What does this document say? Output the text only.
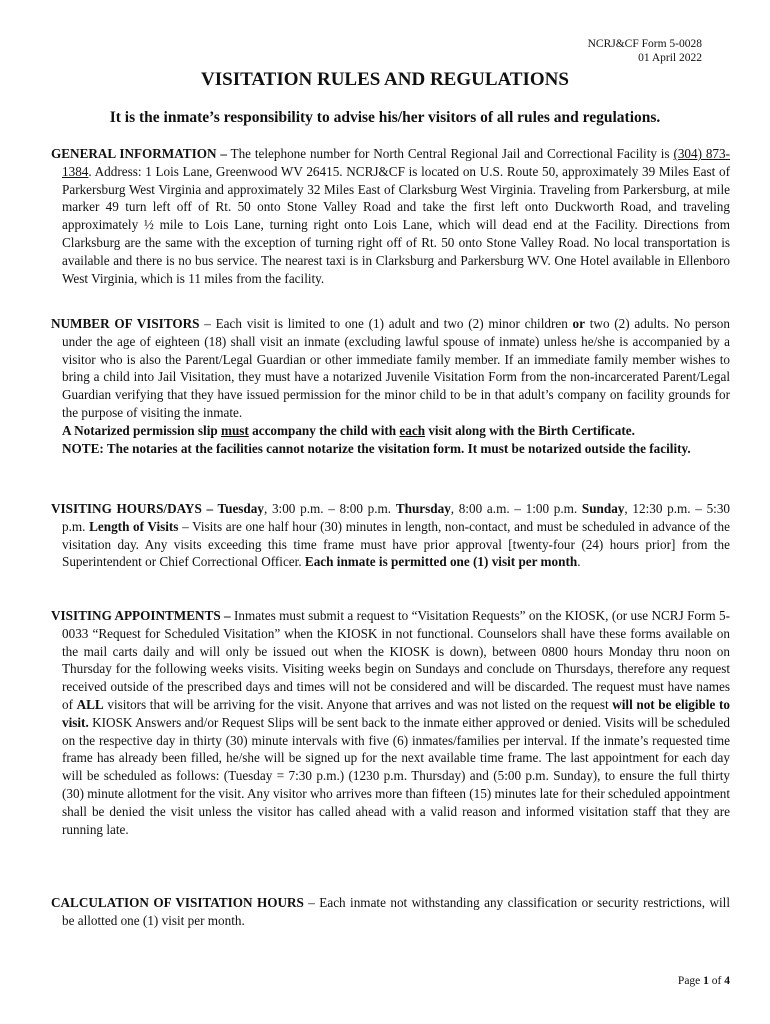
NCRJ&CF Form 5-0028
01 April 2022
VISITATION RULES AND REGULATIONS
It is the inmate’s responsibility to advise his/her visitors of all rules and regulations.

GENERAL INFORMATION – The telephone number for North Central Regional Jail and Correctional Facility is (304) 873-1384. Address: 1 Lois Lane, Greenwood WV 26415. NCRJ&CF is located on U.S. Route 50, approximately 39 Miles East of Parkersburg West Virginia and approximately 32 Miles East of Clarksburg West Virginia. Traveling from Parkersburg, at mile marker 49 turn left off of Rt. 50 onto Stone Valley Road and take the first left onto Duckworth Road, and traveling approximately ½ mile to Lois Lane, turning right onto Lois Lane, which will dead end at the Facility. Directions from Clarksburg are the same with the exception of turning right off of Rt. 50 onto Stone Valley Road. No local transportation is available and there is no bus service. The nearest taxi is in Clarksburg and Parkersburg WV. One Hotel available in Ellenboro West Virginia, which is 11 miles from the facility.

NUMBER OF VISITORS – Each visit is limited to one (1) adult and two (2) minor children or two (2) adults. No person under the age of eighteen (18) shall visit an inmate (excluding lawful spouse of inmate) unless he/she is accompanied by a visitor who is also the Parent/Legal Guardian or other immediate family member. If an immediate family member wishes to bring a child into Jail Visitation, they must have a notarized Juvenile Visitation Form from the non-incarcerated Parent/Legal Guardian verifying that they have issued permission for the minor child to be in that adult’s company on facility grounds for the purpose of visiting the inmate.

A Notarized permission slip must accompany the child with each visit along with the Birth Certificate.

NOTE: The notaries at the facilities cannot notarize the visitation form. It must be notarized outside the facility.

VISITING HOURS/DAYS – Tuesday, 3:00 p.m. – 8:00 p.m. Thursday, 8:00 a.m. – 1:00 p.m. Sunday, 12:30 p.m. – 5:30 p.m. Length of Visits – Visits are one half hour (30) minutes in length, non-contact, and must be scheduled in advance of the visitation day. Any visits exceeding this time frame must have prior approval [twenty-four (24) hours prior] from the Superintendent or Chief Correctional Officer. Each inmate is permitted one (1) visit per month.

VISITING APPOINTMENTS – Inmates must submit a request to “Visitation Requests” on the KIOSK, (or use NCRJ Form 5-0033 “Request for Scheduled Visitation” when the KIOSK in not functional. Counselors shall have these forms available on the mail carts daily and will only be issued out when the KIOSK is down), between 0800 hours Monday thru noon on Thursday for the following weeks visits. Visiting weeks begin on Sundays and conclude on Thursdays, therefore any request received outside of the prescribed days and times will not be considered and will be discarded. The request must have names of ALL visitors that will be arriving for the visit. Anyone that arrives and was not listed on the request will not be eligible to visit. KIOSK Answers and/or Request Slips will be sent back to the inmate either approved or denied. Visits will be scheduled on the respective day in thirty (30) minute intervals with five (6) inmates/families per interval. If the inmate’s requested time frame has already been filled, he/she will be signed up for the next available time frame. The last appointment for each day will be scheduled as follows: (Tuesday = 7:30 p.m.) (1230 p.m. Thursday) and (5:00 p.m. Sunday), to ensure the full thirty (30) minute allotment for the visit. Any visitor who arrives more than fifteen (15) minutes late for their scheduled appointment shall be denied the visit unless the visitor has called ahead with a valid reason and informed visitation staff that they are running late.

CALCULATION OF VISITATION HOURS – Each inmate not withstanding any classification or security restrictions, will be allotted one (1) visit per month.

Page 1 of 4
